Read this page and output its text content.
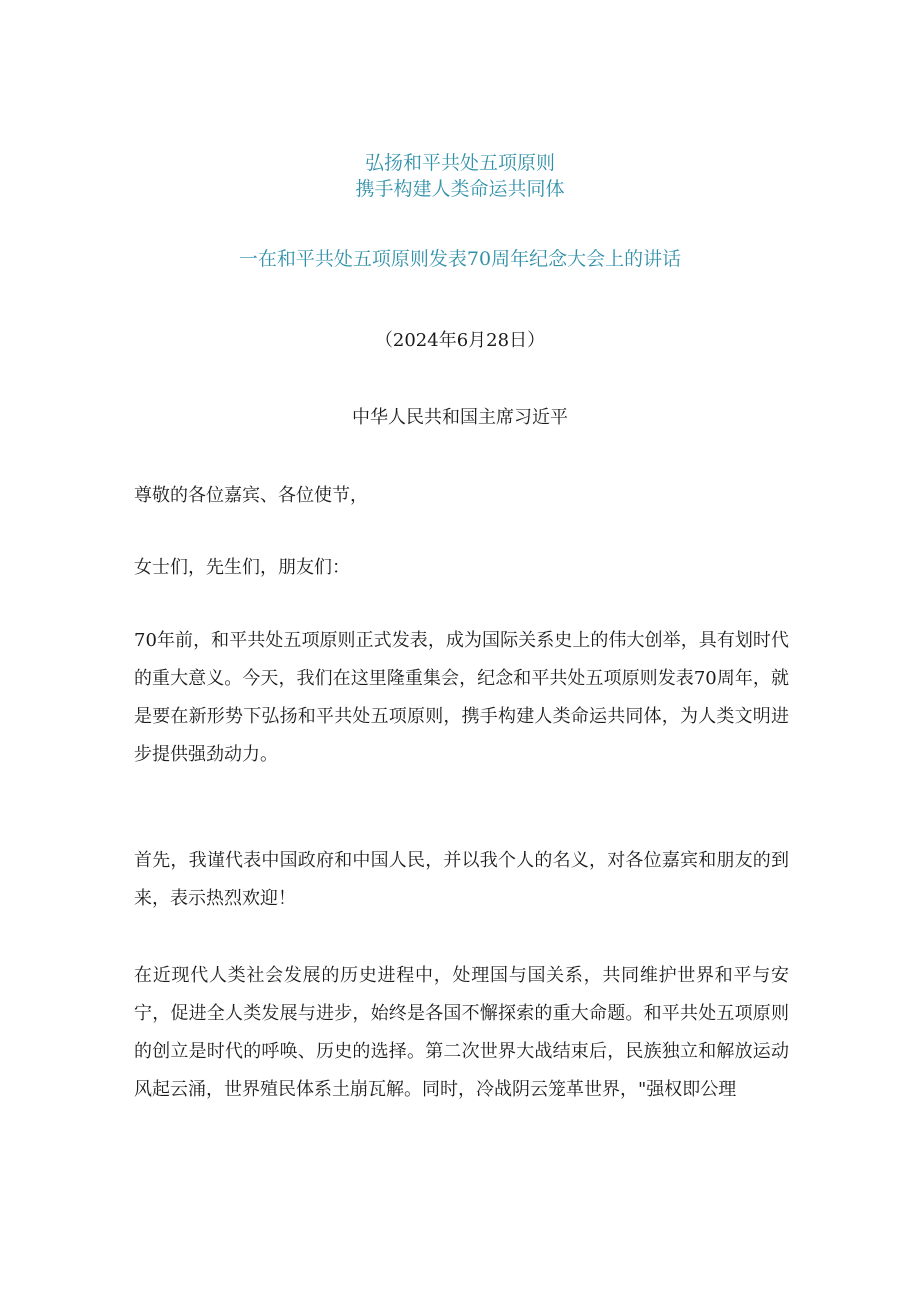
弘扬和平共处五项原则
携手构建人类命运共同体
一在和平共处五项原则发表70周年纪念大会上的讲话
（2024年6月28日）
中华人民共和国主席习近平

尊敬的各位嘉宾、各位使节，

女士们，先生们，朋友们：

70年前，和平共处五项原则正式发表，成为国际关系史上的伟大创举，具有划时代的重大意义。今天，我们在这里隆重集会，纪念和平共处五项原则发表70周年，就是要在新形势下弘扬和平共处五项原则，携手构建人类命运共同体，为人类文明进步提供强劲动力。

首先，我谨代表中国政府和中国人民，并以我个人的名义，对各位嘉宾和朋友的到来，表示热烈欢迎！

在近现代人类社会发展的历史进程中，处理国与国关系，共同维护世界和平与安宁，促进全人类发展与进步，始终是各国不懈探索的重大命题。和平共处五项原则的创立是时代的呼唤、历史的选择。第二次世界大战结束后，民族独立和解放运动风起云涌，世界殖民体系土崩瓦解。同时，冷战阴云笼革世界，"强权即公理
